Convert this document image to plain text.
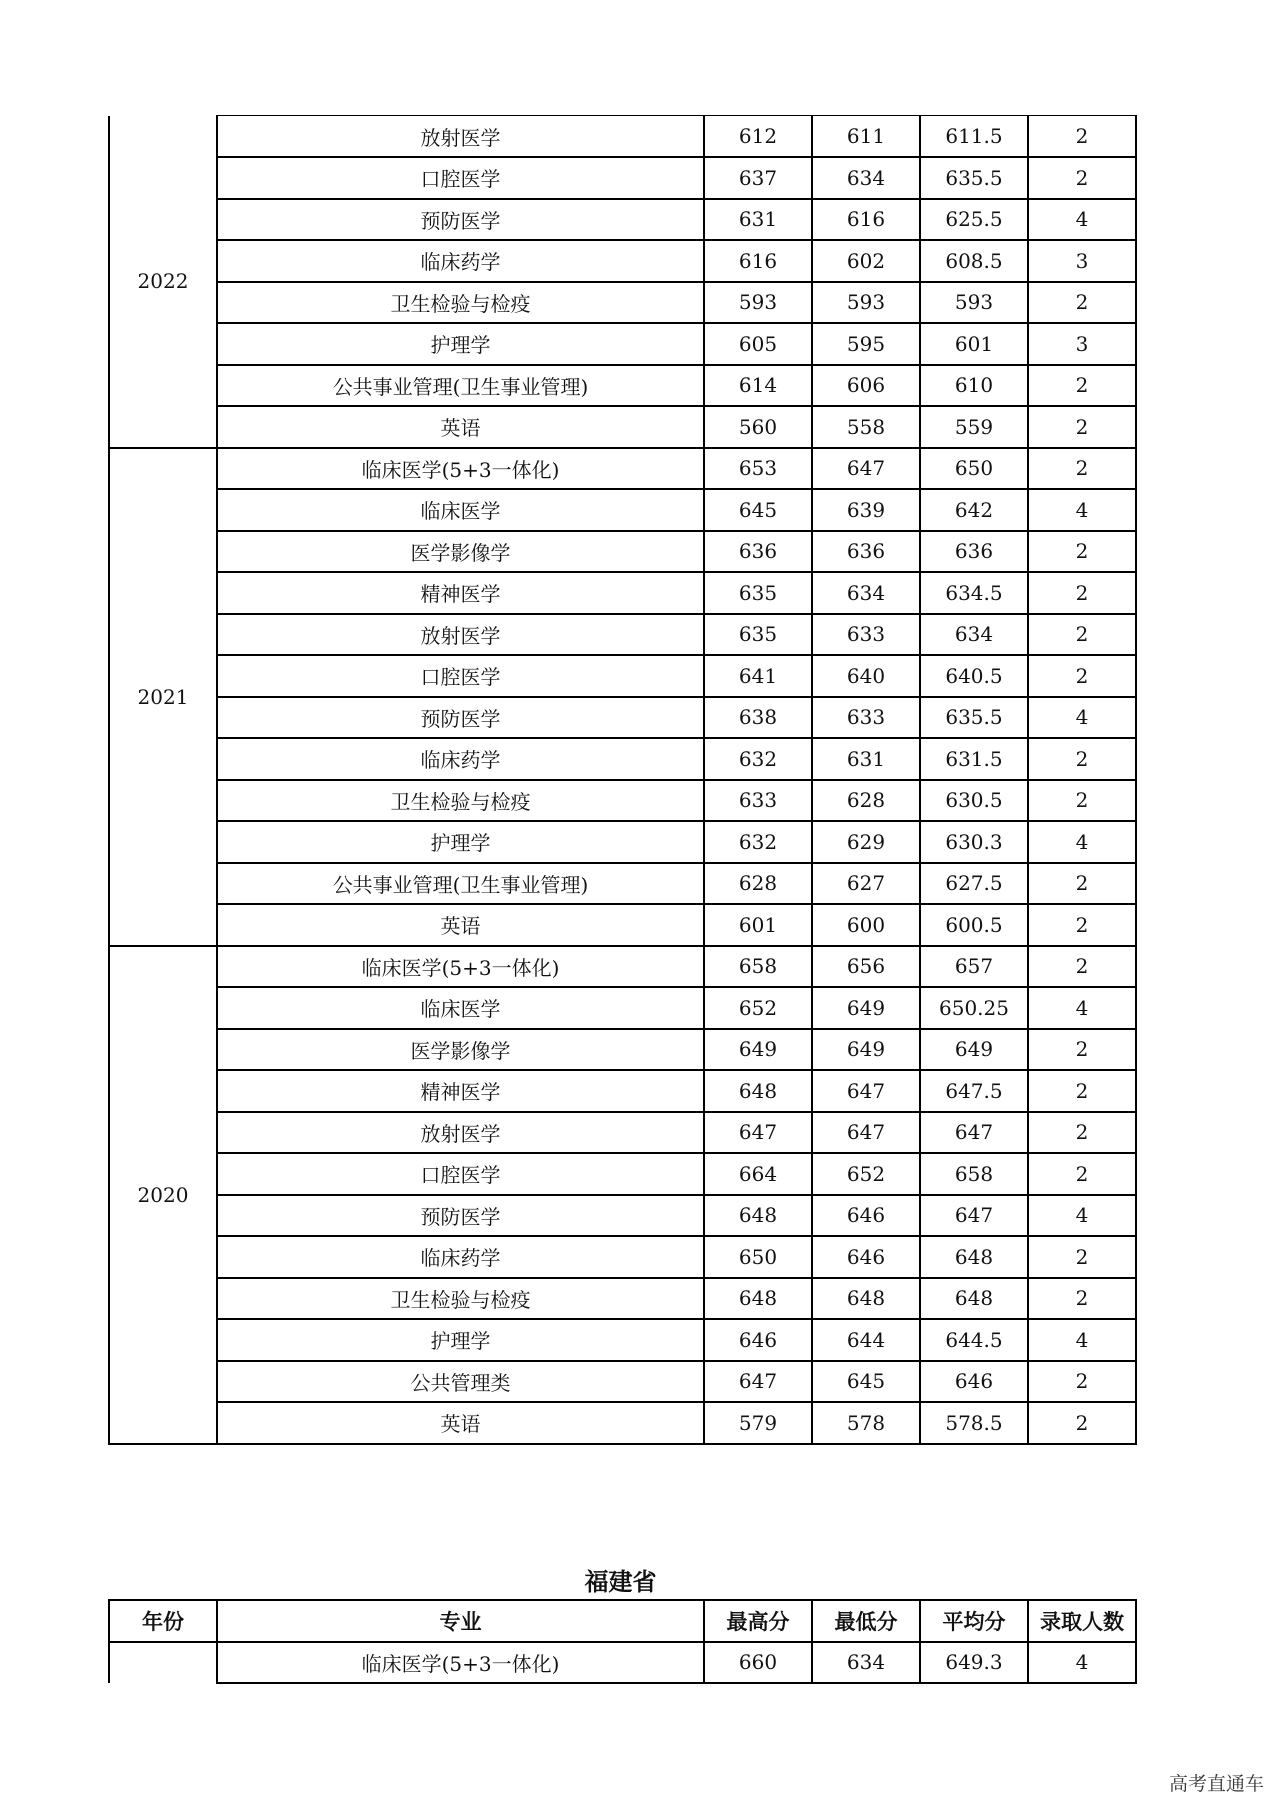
2022	放射医学	612	611	611.5	2
	口腔医学	637	634	635.5	2
	预防医学	631	616	625.5	4
	临床药学	616	602	608.5	3
	卫生检验与检疫	593	593	593	2
	护理学	605	595	601	3
	公共事业管理(卫生事业管理)	614	606	610	2
	英语	560	558	559	2
2021	临床医学(5+3一体化)	653	647	650	2
	临床医学	645	639	642	4
	医学影像学	636	636	636	2
	精神医学	635	634	634.5	2
	放射医学	635	633	634	2
	口腔医学	641	640	640.5	2
	预防医学	638	633	635.5	4
	临床药学	632	631	631.5	2
	卫生检验与检疫	633	628	630.5	2
	护理学	632	629	630.3	4
	公共事业管理(卫生事业管理)	628	627	627.5	2
	英语	601	600	600.5	2
2020	临床医学(5+3一体化)	658	656	657	2
	临床医学	652	649	650.25	4
	医学影像学	649	649	649	2
	精神医学	648	647	647.5	2
	放射医学	647	647	647	2
	口腔医学	664	652	658	2
	预防医学	648	646	647	4
	临床药学	650	646	648	2
	卫生检验与检疫	648	648	648	2
	护理学	646	644	644.5	4
	公共管理类	647	645	646	2
	英语	579	578	578.5	2
福建省
年份	专业	最高分	最低分	平均分	录取人数
	临床医学(5+3一体化)	660	634	649.3	4
高考直通车
